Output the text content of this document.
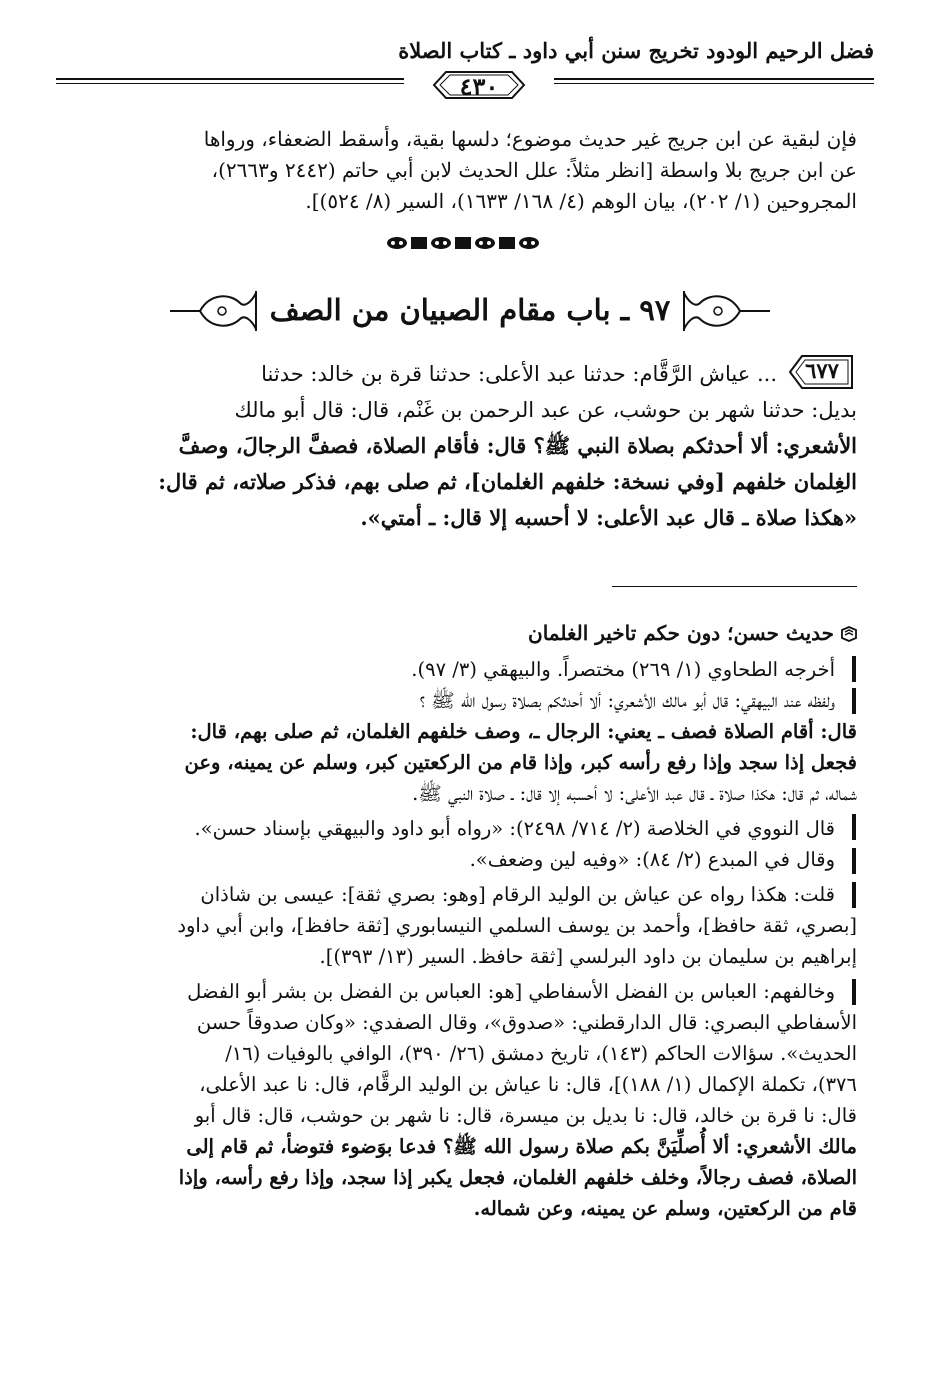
فضل الرحيم الودود تخريج سنن أبي داود ـ كتاب الصلاة
٤٣٠
فإن لبقية عن ابن جريج غير حديث موضوع؛ دلسها بقية، وأسقط الضعفاء، ورواها
عن ابن جريج بلا واسطة [انظر مثلاً: علل الحديث لابن أبي حاتم (٢٤٤٢ و٢٦٦٣)،
المجروحين (١/ ٢٠٢)، بيان الوهم (٤/ ١٦٨/ ١٦٣٣)، السير (٨/ ٥٢٤)].
٩٧ ـ باب مقام الصبيان من الصف
٦٧٧
... عياش الرَّقَّام: حدثنا عبد الأعلى: حدثنا قرة بن خالد: حدثنا
بديل: حدثنا شهر بن حوشب، عن عبد الرحمن بن غَنْم، قال: قال أبو مالك
الأشعري: ألا أحدثكم بصلاة النبي ﷺ؟ قال: فأقام الصلاة، فصفَّ الرجالَ، وصفَّ
الغِلمان خلفهم [وفي نسخة: خلفهم الغلمان]، ثم صلى بهم، فذكر صلاته، ثم قال:
«هكذا صلاة ـ قال عبد الأعلى: لا أحسبه إلا قال: ـ أمتي».
حديث حسن؛ دون حكم تاخير الغلمان
أخرجه الطحاوي (١/ ٢٦٩) مختصراً. والبيهقي (٣/ ٩٧).
ولفظه عند البيهقي: قال أبو مالك الأشعري: ألا أحدثكم بصلاة رسول الله ﷺ ؟
قال: أقام الصلاة فصف ـ يعني: الرجال ـ، وصف خلفهم الغلمان، ثم صلى بهم، قال:
فجعل إذا سجد وإذا رفع رأسه كبر، وإذا قام من الركعتين كبر، وسلم عن يمينه، وعن
شماله، ثم قال: هكذا صلاة ـ قال عبد الأعلى: لا أحسبه إلا قال: ـ صلاة النبي ﷺ.
قال النووي في الخلاصة (٢/ ٧١٤/ ٢٤٩٨): «رواه أبو داود والبيهقي بإسناد حسن».
وقال في المبدع (٢/ ٨٤): «وفيه لين وضعف».
قلت: هكذا رواه عن عياش بن الوليد الرقام [وهو: بصري ثقة]: عيسى بن شاذان
[بصري، ثقة حافظ]، وأحمد بن يوسف السلمي النيسابوري [ثقة حافظ]، وابن أبي داود
إبراهيم بن سليمان بن داود البرلسي [ثقة حافظ. السير (١٣/ ٣٩٣)].
وخالفهم: العباس بن الفضل الأسفاطي [هو: العباس بن الفضل بن بشر أبو الفضل
الأسفاطي البصري: قال الدارقطني: «صدوق»، وقال الصفدي: «وكان صدوقاً حسن
الحديث». سؤالات الحاكم (١٤٣)، تاريخ دمشق (٢٦/ ٣٩٠)، الوافي بالوفيات (١٦/
٣٧٦)، تكملة الإكمال (١/ ١٨٨)]، قال: نا عياش بن الوليد الرقَّام، قال: نا عبد الأعلى،
قال: نا قرة بن خالد، قال: نا بديل بن ميسرة، قال: نا شهر بن حوشب، قال: قال أبو
مالك الأشعري: ألا أُصلِّيَنَّ بكم صلاة رسول الله ﷺ؟ فدعا بوَضوء فتوضأ، ثم قام إلى
الصلاة، فصف رجالاً، وخلف خلفهم الغلمان، فجعل يكبر إذا سجد، وإذا رفع رأسه، وإذا
قام من الركعتين، وسلم عن يمينه، وعن شماله.
